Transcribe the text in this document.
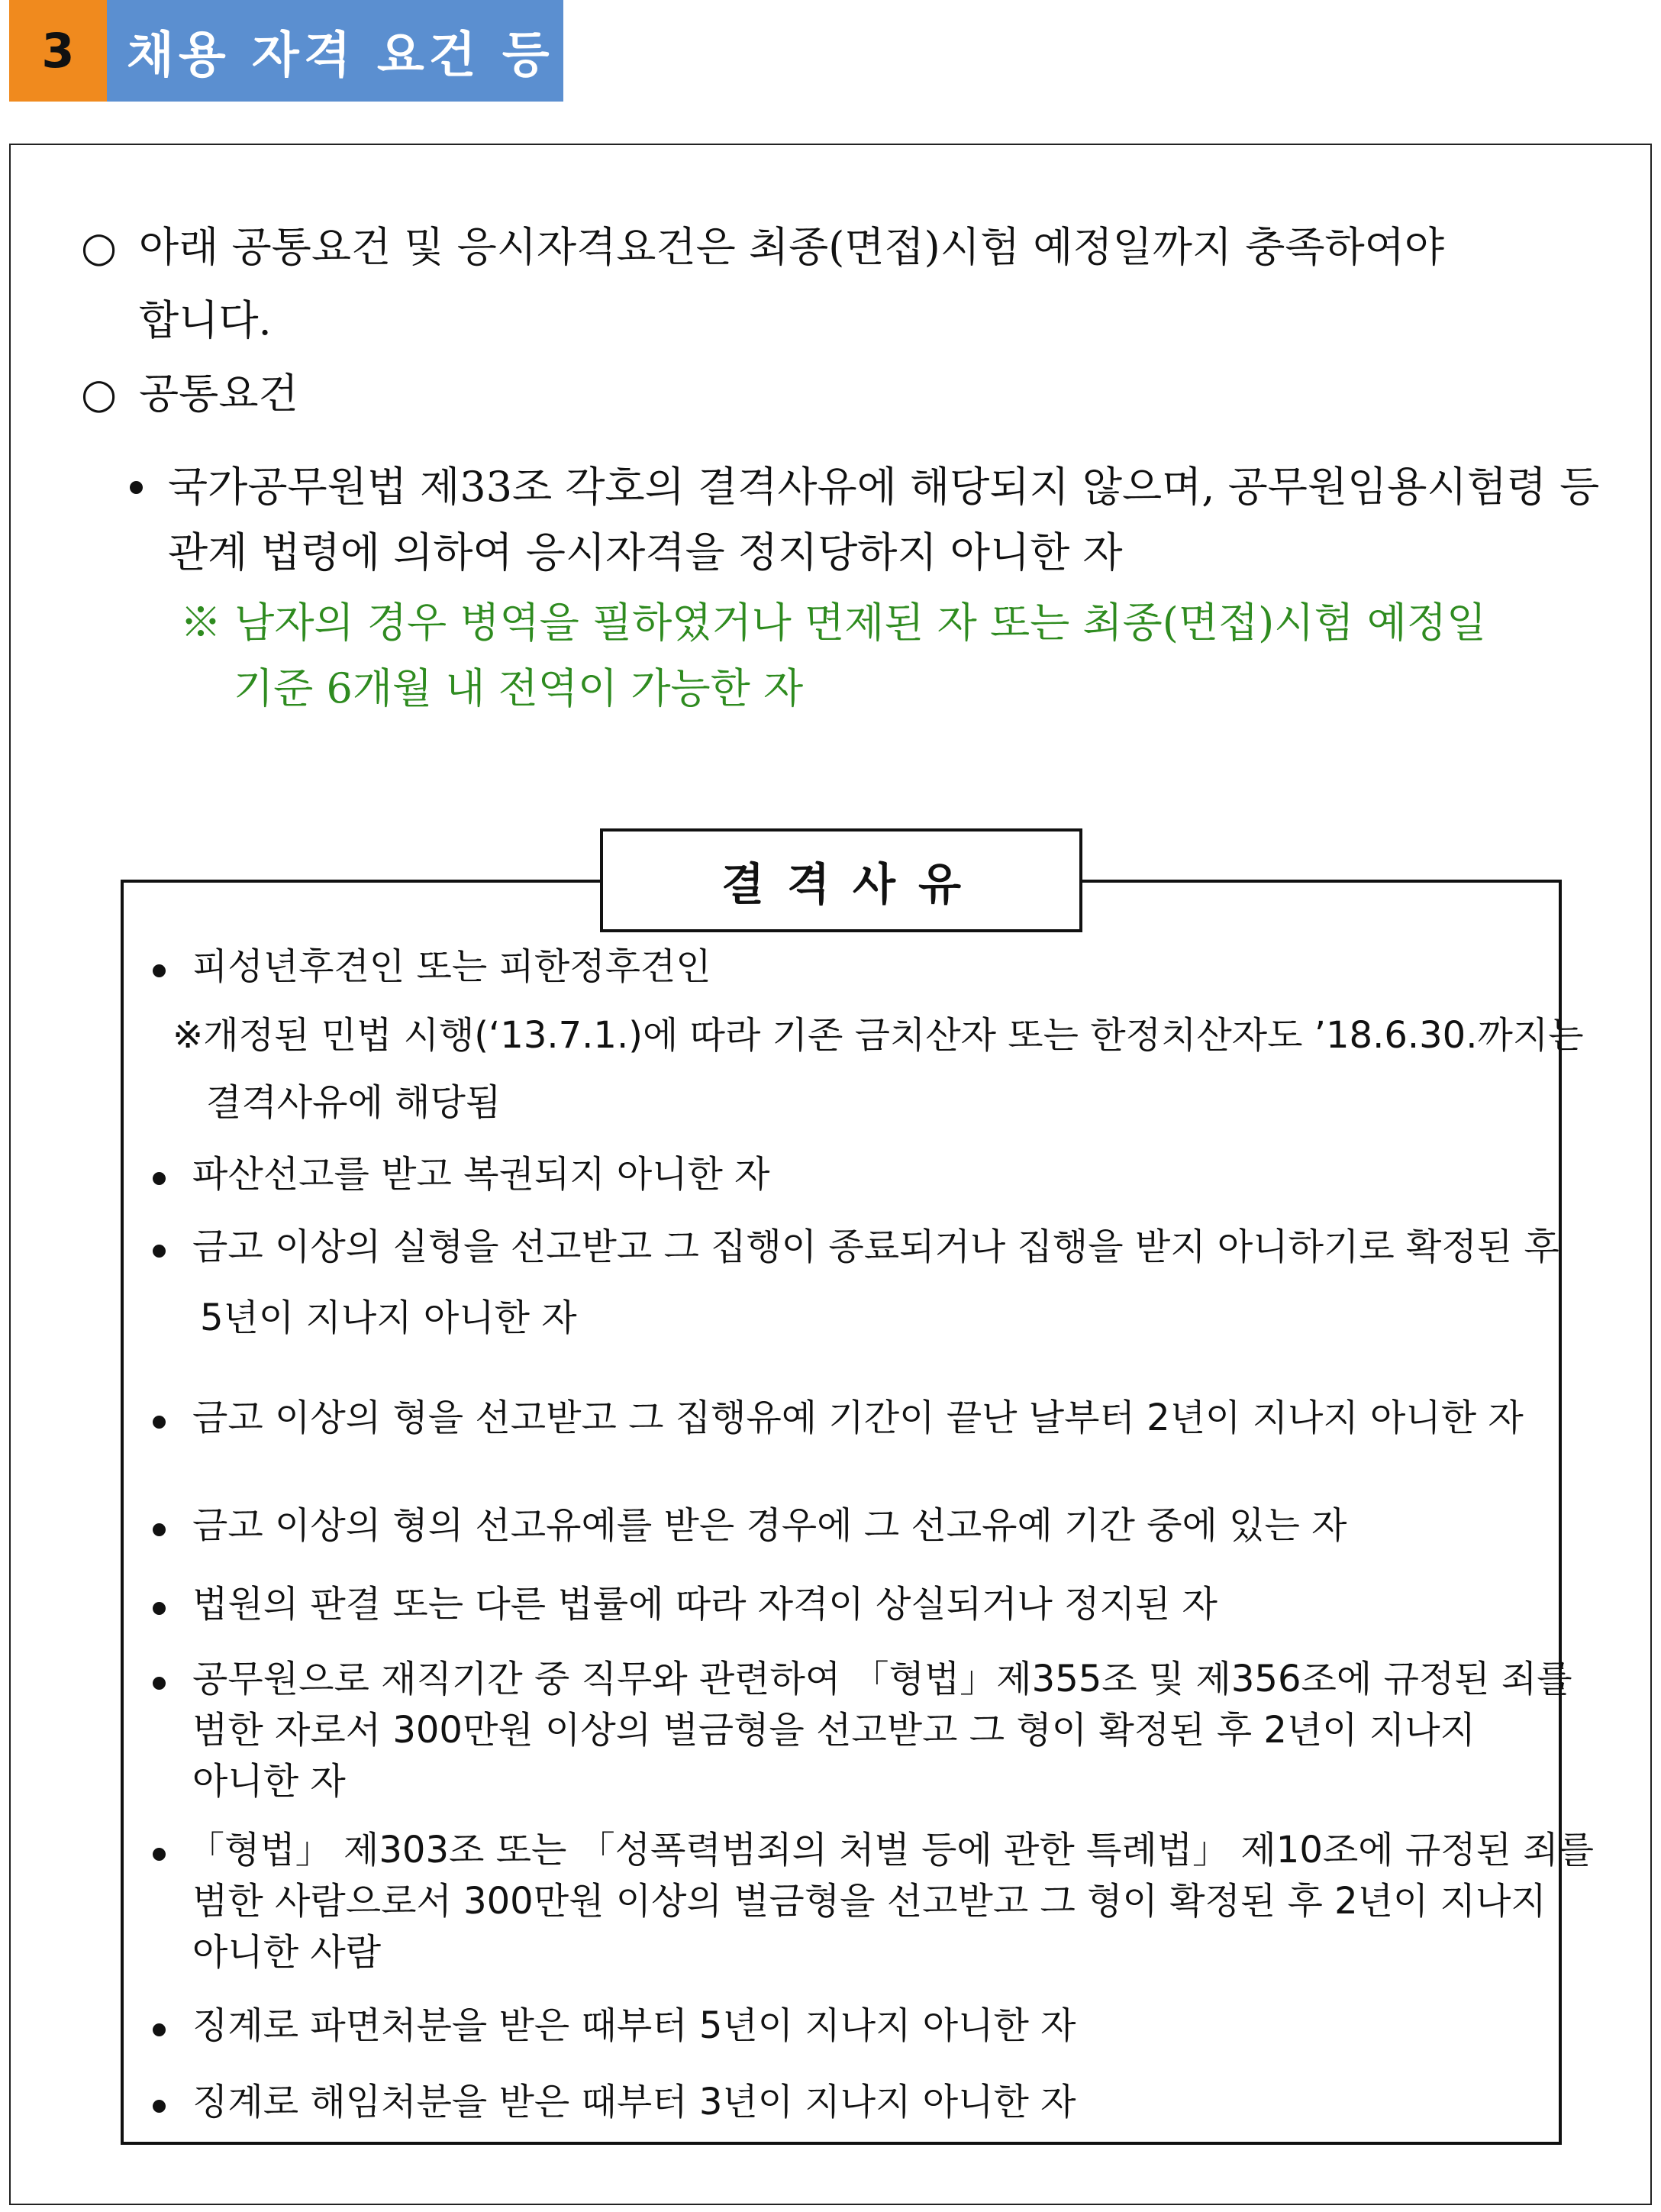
3	채용 자격 요건 등
○ 아래 공통요건 및 응시자격요건은 최종(면접)시험 예정일까지 충족하여야
합니다.
○ 공통요건
국가공무원법 제33조 각호의 결격사유에 해당되지 않으며, 공무원임용시험령 등
관계 법령에 의하여 응시자격을 정지당하지 아니한 자
※ 남자의 경우 병역을 필하였거나 면제된 자 또는 최종(면접)시험 예정일
기준 6개월 내 전역이 가능한 자
결격사유
피성년후견인 또는 피한정후견인
※개정된 민법 시행(‘13.7.1.)에 따라 기존 금치산자 또는 한정치산자도 ’18.6.30.까지는
결격사유에 해당됨
파산선고를 받고 복권되지 아니한 자
금고 이상의 실형을 선고받고 그 집행이 종료되거나 집행을 받지 아니하기로 확정된 후
5년이 지나지 아니한 자
금고 이상의 형을 선고받고 그 집행유예 기간이 끝난 날부터 2년이 지나지 아니한 자
금고 이상의 형의 선고유예를 받은 경우에 그 선고유예 기간 중에 있는 자
법원의 판결 또는 다른 법률에 따라 자격이 상실되거나 정지된 자
공무원으로 재직기간 중 직무와 관련하여 「형법」제355조 및 제356조에 규정된 죄를
범한 자로서 300만원 이상의 벌금형을 선고받고 그 형이 확정된 후 2년이 지나지
아니한 자
「형법」 제303조 또는 「성폭력범죄의 처벌 등에 관한 특례법」 제10조에 규정된 죄를
범한 사람으로서 300만원 이상의 벌금형을 선고받고 그 형이 확정된 후 2년이 지나지
아니한 사람
징계로 파면처분을 받은 때부터 5년이 지나지 아니한 자
징계로 해임처분을 받은 때부터 3년이 지나지 아니한 자
